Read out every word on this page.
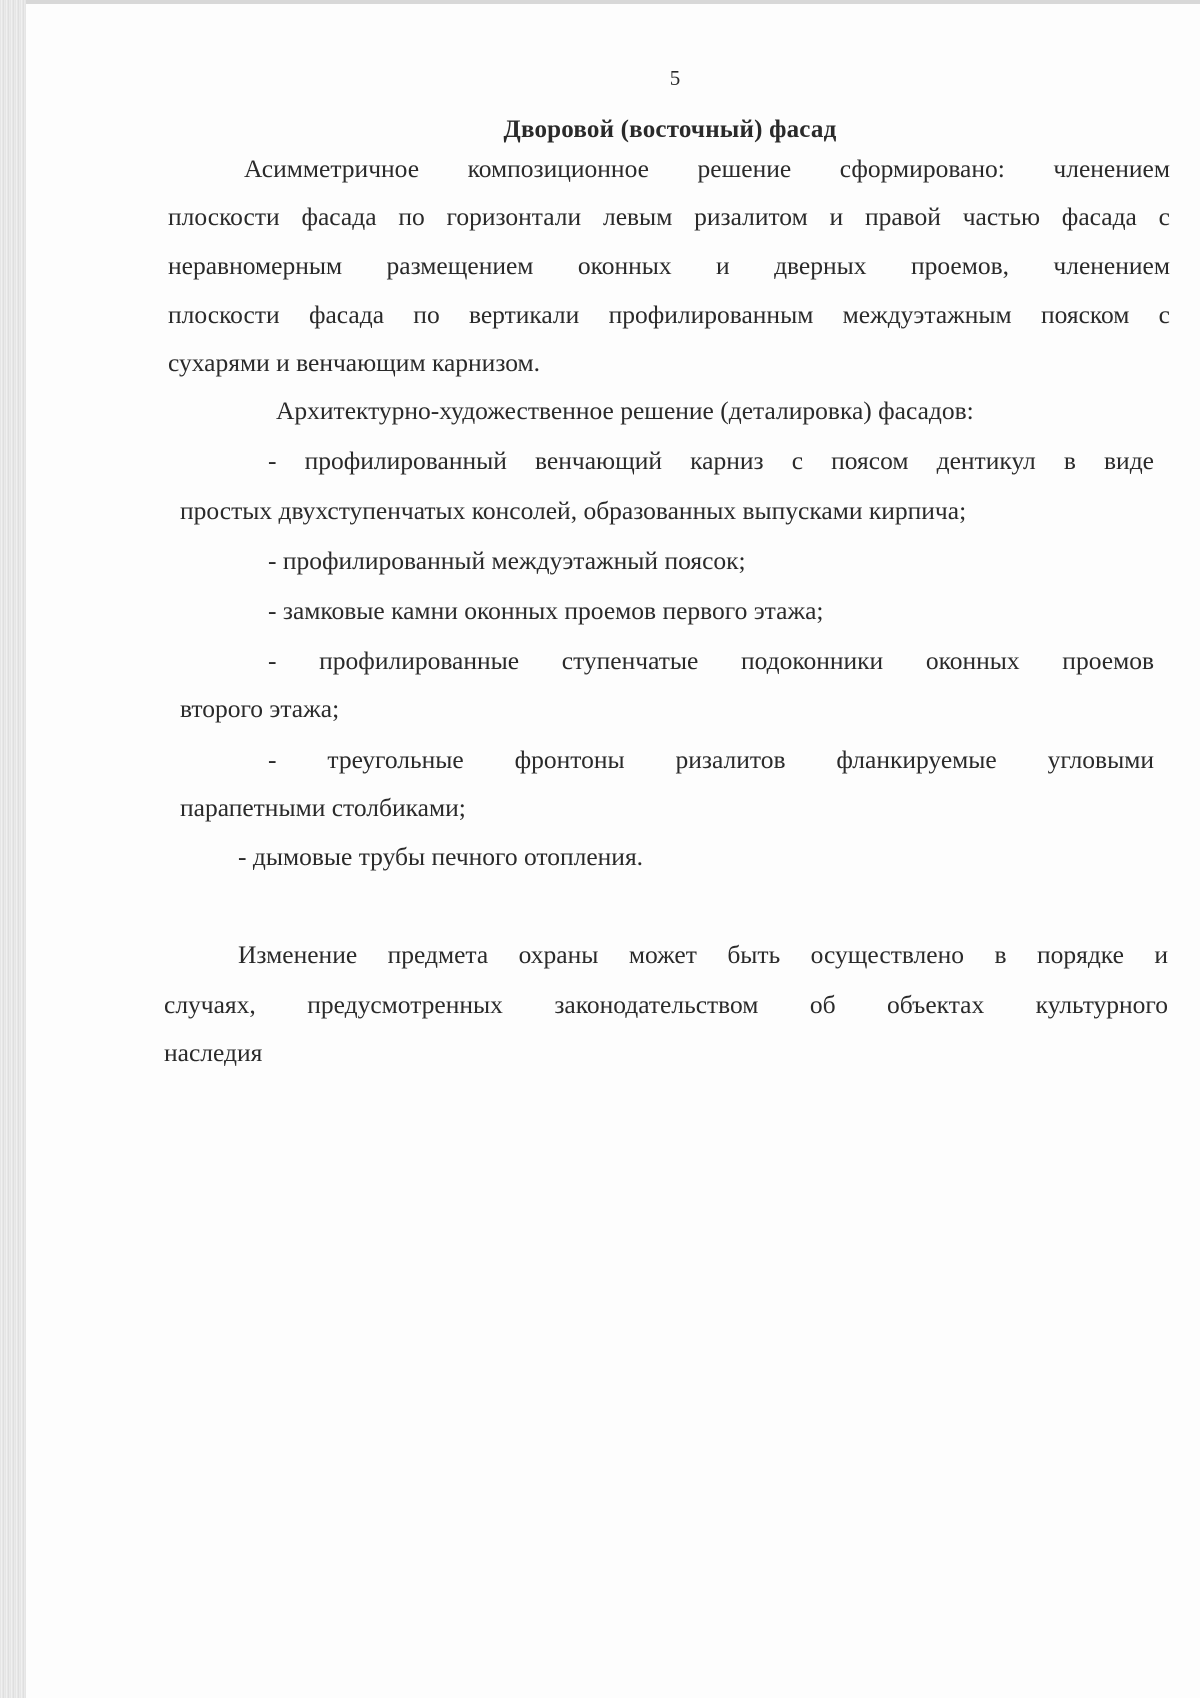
5
Дворовой (восточный) фасад
Асимметричное композиционное решение сформировано: членением
плоскости фасада по горизонтали левым ризалитом и правой частью фасада с
неравномерным размещением оконных и дверных проемов, членением
плоскости фасада по вертикали профилированным междуэтажным пояском с
сухарями и венчающим карнизом.
Архитектурно-художественное решение (деталировка) фасадов:
- профилированный венчающий карниз с поясом дентикул в виде
простых двухступенчатых консолей, образованных выпусками кирпича;
- профилированный междуэтажный поясок;
- замковые камни оконных проемов первого этажа;
- профилированные ступенчатые подоконники оконных проемов
второго этажа;
- треугольные фронтоны ризалитов фланкируемые угловыми
парапетными столбиками;
- дымовые трубы печного отопления.
Изменение предмета охраны может быть осуществлено в порядке и
случаях, предусмотренных законодательством об объектах культурного
наследия
